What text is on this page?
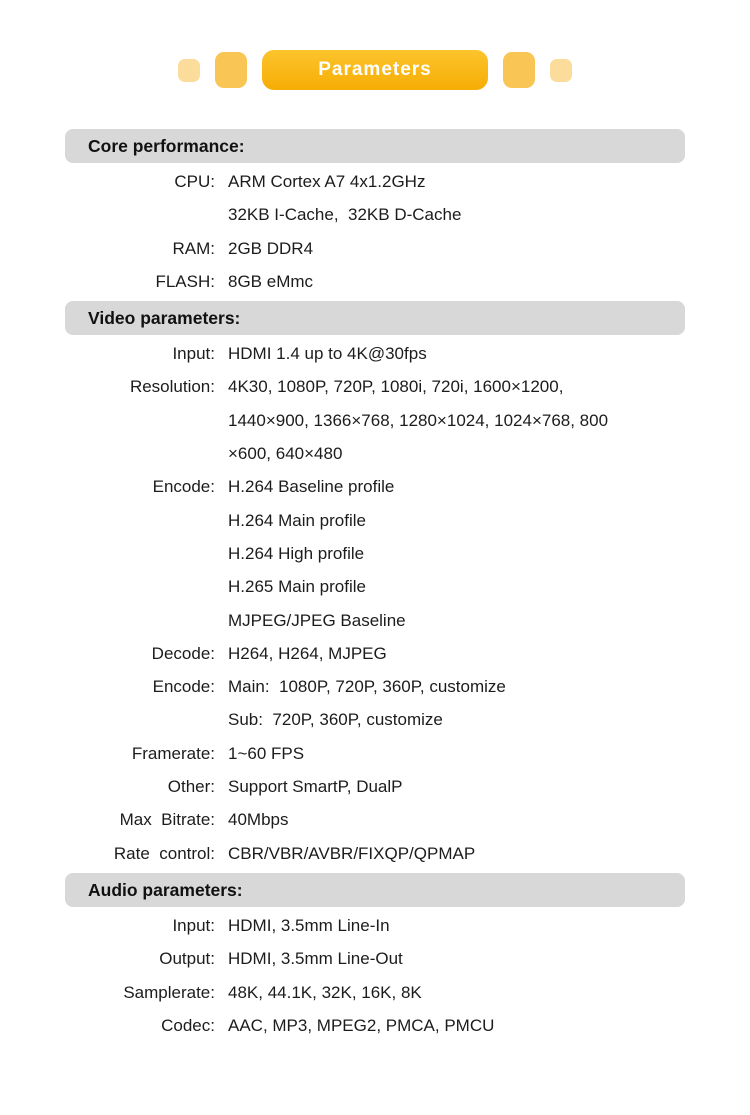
Parameters
Core performance:
CPU: ARM Cortex A7 4x1.2GHz
32KB I-Cache,  32KB D-Cache
RAM: 2GB DDR4
FLASH: 8GB eMmc
Video parameters:
Input: HDMI 1.4 up to 4K@30fps
Resolution: 4K30, 1080P, 720P, 1080i, 720i, 1600×1200,
1440×900, 1366×768, 1280×1024, 1024×768, 800
×600, 640×480
Encode: H.264 Baseline profile
H.264 Main profile
H.264 High profile
H.265 Main profile
MJPEG/JPEG Baseline
Decode: H264, H264, MJPEG
Encode: Main:  1080P, 720P, 360P, customize
Sub:  720P, 360P, customize
Framerate: 1~60 FPS
Other: Support SmartP, DualP
Max  Bitrate: 40Mbps
Rate  control: CBR/VBR/AVBR/FIXQP/QPMAP
Audio parameters:
Input: HDMI, 3.5mm Line-In
Output: HDMI, 3.5mm Line-Out
Samplerate: 48K, 44.1K, 32K, 16K, 8K
Codec: AAC, MP3, MPEG2, PMCA, PMCU
